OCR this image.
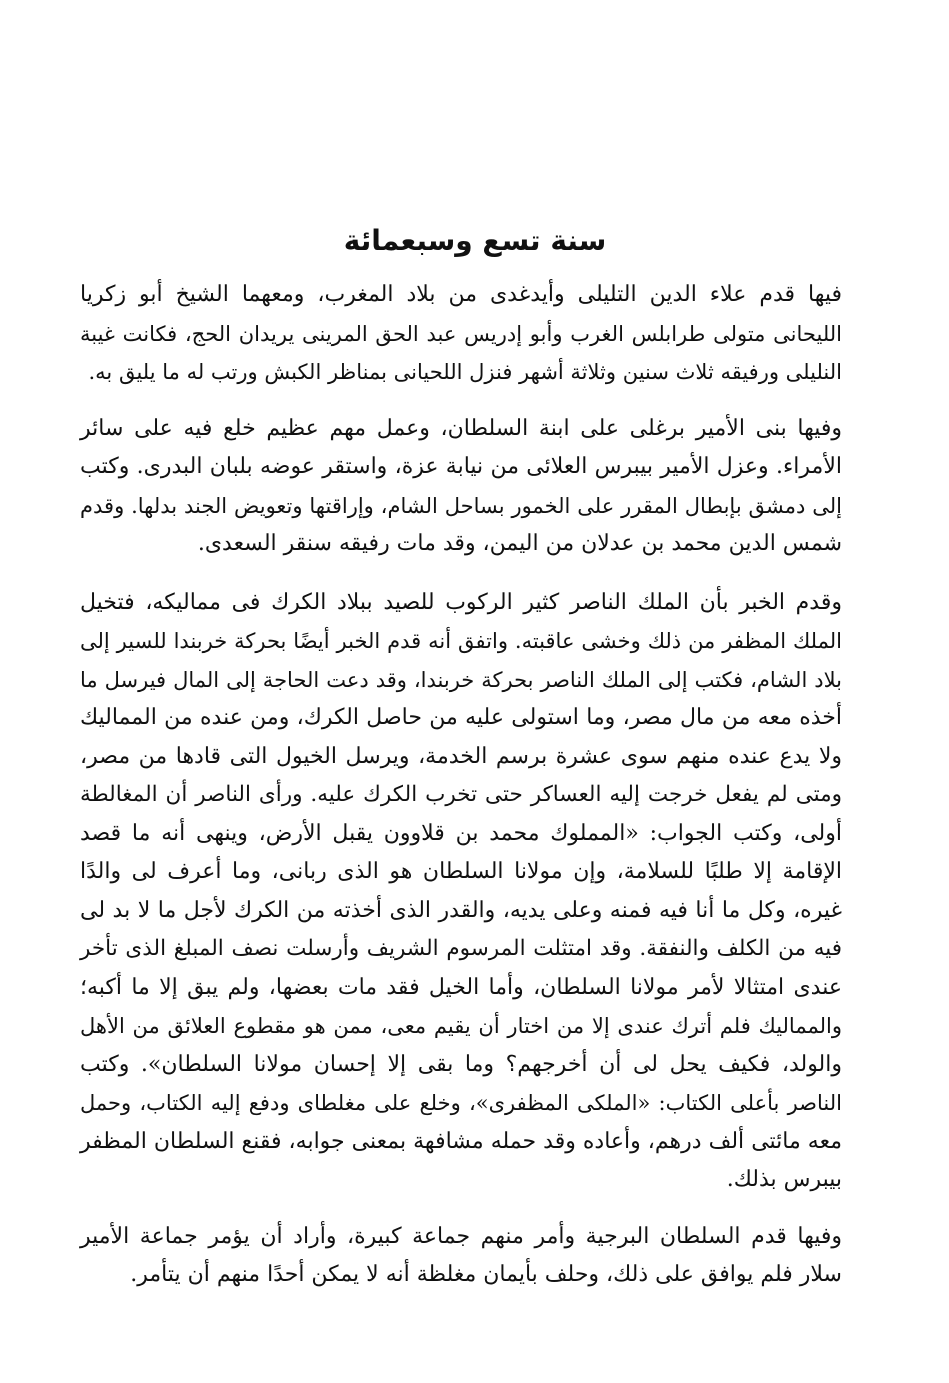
سنة تسع وسبعمائة
فيها قدم علاء الدين التليلى وأيدغدى من بلاد المغرب، ومعهما الشيخ أبو زكريا
الليحانى متولى طرابلس الغرب وأبو إدريس عبد الحق المرينى يريدان الحج، فكانت غيبة
النليلى ورفيقه ثلاث سنين وثلاثة أشهر فنزل اللحيانى بمناظر الكبش ورتب له ما يليق به.
وفيها بنى الأمير برغلى على ابنة السلطان، وعمل مهم عظيم خلع فيه على سائر
الأمراء. وعزل الأمير بيبرس العلائى من نيابة عزة، واستقر عوضه بلبان البدرى. وكتب
إلى دمشق بإبطال المقرر على الخمور بساحل الشام، وإراقتها وتعويض الجند بدلها. وقدم
شمس الدين محمد بن عدلان من اليمن، وقد مات رفيقه سنقر السعدى.
وقدم الخبر بأن الملك الناصر كثير الركوب للصيد ببلاد الكرك فى مماليكه، فتخيل
الملك المظفر من ذلك وخشى عاقبته. واتفق أنه قدم الخبر أيضًا بحركة خربندا للسير إلى
بلاد الشام، فكتب إلى الملك الناصر بحركة خربندا، وقد دعت الحاجة إلى المال فيرسل ما
أخذه معه من مال مصر، وما استولى عليه من حاصل الكرك، ومن عنده من المماليك
ولا يدع عنده منهم سوى عشرة برسم الخدمة، ويرسل الخيول التى قادها من مصر،
ومتى لم يفعل خرجت إليه العساكر حتى تخرب الكرك عليه. ورأى الناصر أن المغالطة
أولى، وكتب الجواب: «المملوك محمد بن قلاوون يقبل الأرض، وينهى أنه ما قصد
الإقامة إلا طلبًا للسلامة، وإن مولانا السلطان هو الذى ربانى، وما أعرف لى والدًا
غيره، وكل ما أنا فيه فمنه وعلى يديه، والقدر الذى أخذته من الكرك لأجل ما لا بد لى
فيه من الكلف والنفقة. وقد امتثلت المرسوم الشريف وأرسلت نصف المبلغ الذى تأخر
عندى امتثالا لأمر مولانا السلطان، وأما الخيل فقد مات بعضها، ولم يبق إلا ما أكبه؛
والمماليك فلم أترك عندى إلا من اختار أن يقيم معى، ممن هو مقطوع العلائق من الأهل
والولد، فكيف يحل لى أن أخرجهم؟ وما بقى إلا إحسان مولانا السلطان». وكتب
الناصر بأعلى الكتاب: «الملكى المظفرى»، وخلع على مغلطاى ودفع إليه الكتاب، وحمل
معه مائتى ألف درهم، وأعاده وقد حمله مشافهة بمعنى جوابه، فقنع السلطان المظفر
بيبرس بذلك.
وفيها قدم السلطان البرجية وأمر منهم جماعة كبيرة، وأراد أن يؤمر جماعة الأمير
سلار فلم يوافق على ذلك، وحلف بأيمان مغلظة أنه لا يمكن أحدًا منهم أن يتأمر.
